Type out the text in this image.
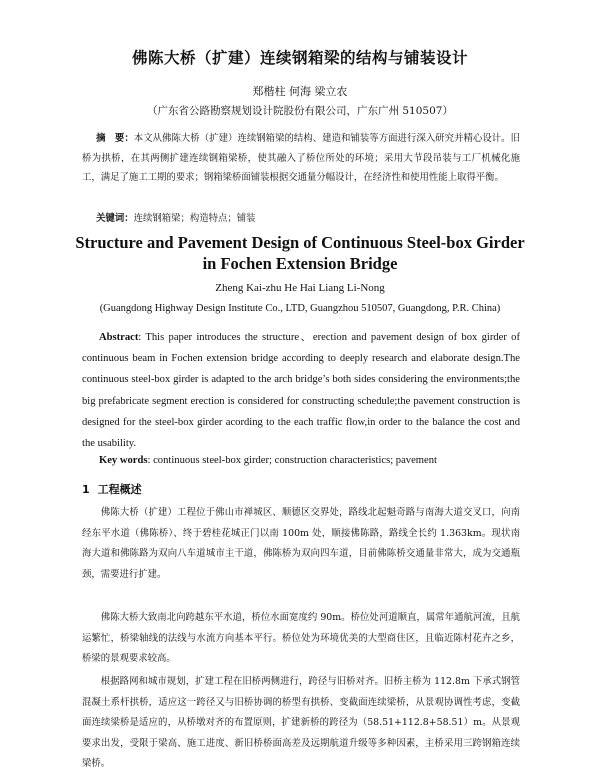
佛陈大桥（扩建）连续钢箱梁的结构与铺装设计
郑楷柱 何海 梁立农
（广东省公路勘察规划设计院股份有限公司，广东广州 510507）
摘　要：本文从佛陈大桥（扩建）连续钢箱梁的结构、建造和铺装等方面进行深入研究并精心设计。旧桥为拱桥，在其两侧扩建连续钢箱梁桥，使其融入了桥位所处的环境；采用大节段吊装与工厂机械化施工，满足了施工工期的要求；钢箱梁桥面铺装根据交通量分幅设计，在经济性和使用性能上取得平衡。
关键词：连续钢箱梁；构造特点；铺装
Structure and Pavement Design of Continuous Steel-box Girder in Fochen Extension Bridge
Zheng Kai-zhu He Hai Liang Li-Nong
(Guangdong Highway Design Institute Co., LTD, Guangzhou 510507, Guangdong, P.R. China)
Abstract: This paper introduces the structure、erection and pavement design of box girder of continuous beam in Fochen extension bridge according to deeply research and elaborate design.The continuous steel-box girder is adapted to the arch bridge’s both sides considering the environments;the big prefabricate segment erection is considered for constructing schedule;the pavement construction is designed for the steel-box girder acording to the each traffic flow,in order to the balance the cost and the usability.
Key words: continuous steel-box girder; construction characteristics; pavement
1 工程概述
佛陈大桥（扩建）工程位于佛山市禅城区、顺德区交界处，路线北起魁奇路与南海大道交叉口，向南经东平水道（佛陈桥）、终于碧桂花城正门以南 100m 处，顺接佛陈路，路线全长约 1.363km。现状南海大道和佛陈路为双向八车道城市主干道，佛陈桥为双向四车道，目前佛陈桥交通量非常大，成为交通瓶颈，需要进行扩建。
佛陈大桥大致南北向跨越东平水道，桥位水面宽度约 90m。桥位处河道顺直，属常年通航河流，且航运繁忙，桥梁轴线的法线与水流方向基本平行。桥位处为环境优美的大型商住区，且临近陈村花卉之乡，桥梁的景观要求较高。
根据路网和城市规划，扩建工程在旧桥两侧进行，跨径与旧桥对齐。旧桥主桥为 112.8m 下承式钢管混凝土系杆拱桥，适应这一跨径又与旧桥协调的桥型有拱桥、变截面连续梁桥，从景观协调性考虑，变截面连续梁桥是适应的，从桥墩对齐的布置原则，扩建新桥的跨径为（58.51+112.8+58.51）m。从景观要求出发，受限于梁高、施工进度、新旧桥桥面高差及远期航道升级等多种因素，主桥采用三跨钢箱连续梁桥。
